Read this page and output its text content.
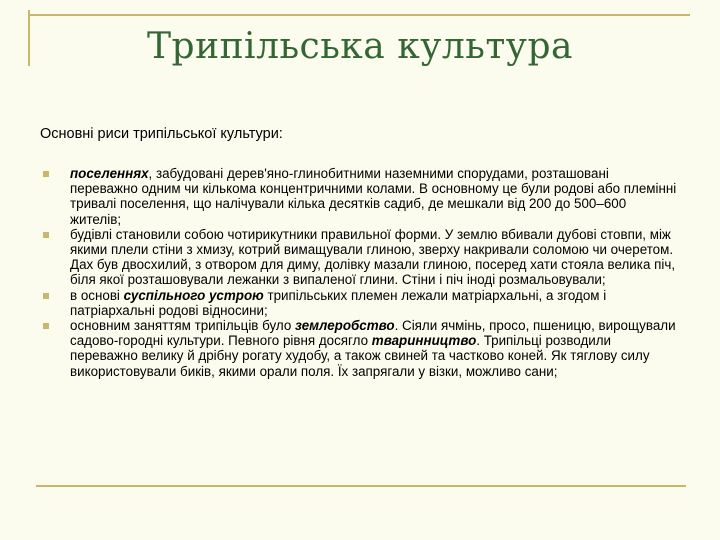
Трипільська культура
Основні риси трипільської культури:
поселеннях, забудовані дерев'яно-глинобитними наземними спорудами, розташовані переважно одним чи кількома концентричними колами. В основному це були родові або племінні тривалі поселення, що налічували кілька десятків садиб, де мешкали від 200 до 500–600 жителів;
будівлі становили собою чотирикутники правильної форми. У землю вбивали дубові стовпи, між якими плели стіни з хмизу, котрий вимащували глиною, зверху накривали соломою чи очеретом. Дах був двосхилий, з отвором для диму, долівку мазали глиною, посеред хати стояла велика піч, біля якої розташовували лежанки з випаленої глини. Стіни і піч іноді розмальовували;
в основі суспільного устрою трипільських племен лежали матріархальні, а згодом і патріархальні родові відносини;
основним заняттям трипільців було землеробство. Сіяли ячмінь, просо, пшеницю, вирощували садово-городні культури. Певного рівня досягло тваринництво. Трипільці розводили переважно велику й дрібну рогату худобу, а також свиней та частково коней. Як тяглову силу використовували биків, якими орали поля. Їх запрягали у візки, можливо сани;
